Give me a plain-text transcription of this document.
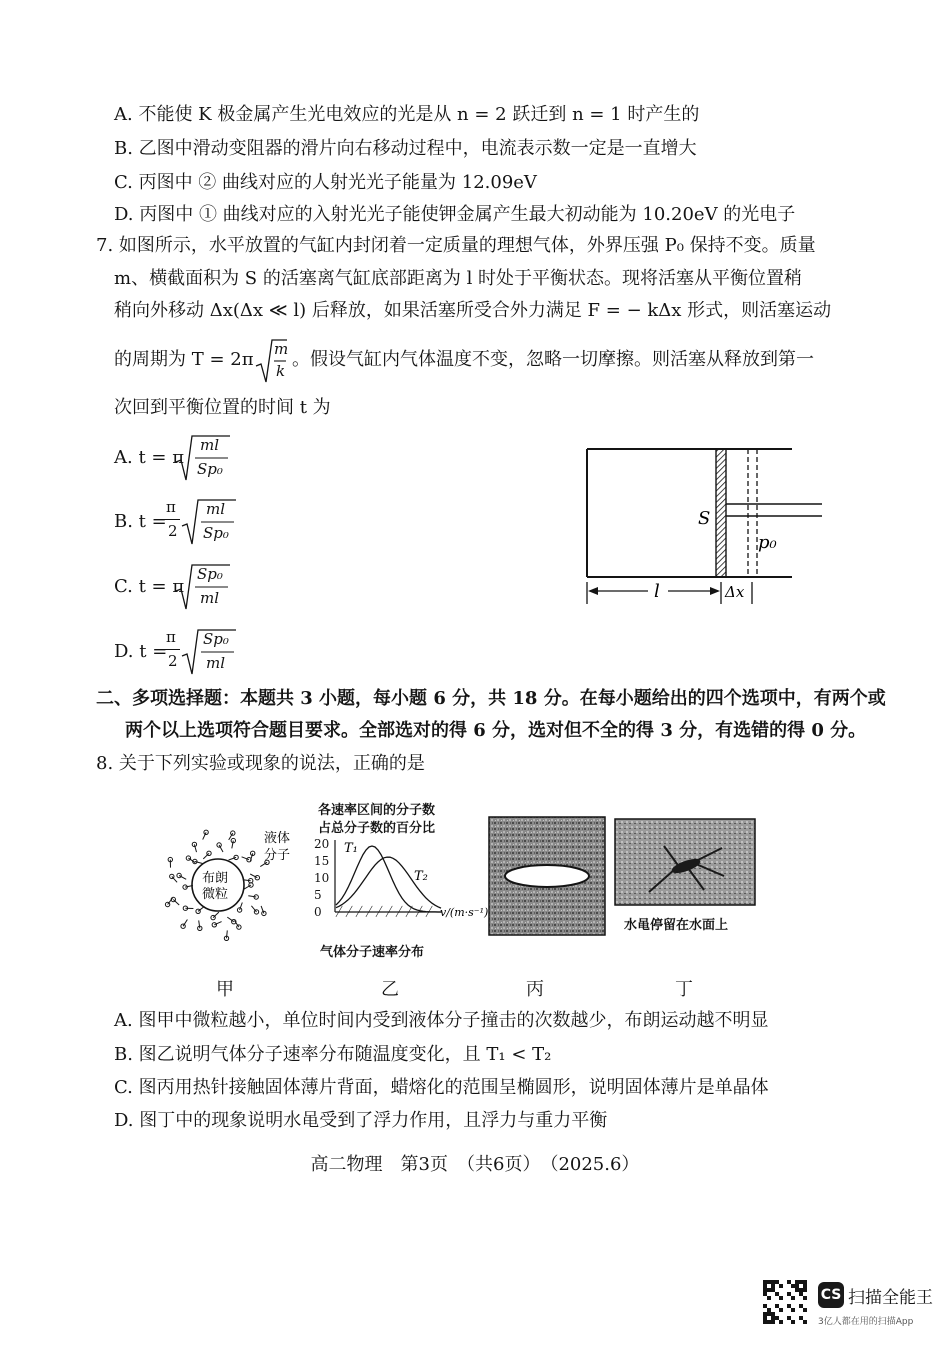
A. 不能使 K 极金属产生光电效应的光是从 n = 2 跃迁到 n = 1 时产生的
B. 乙图中滑动变阻器的滑片向右移动过程中，电流表示数一定是一直增大
C. 丙图中 ② 曲线对应的人射光光子能量为 12.09eV
D. 丙图中 ① 曲线对应的入射光光子能使钾金属产生最大初动能为 10.20eV 的光电子
7. 如图所示，水平放置的气缸内封闭着一定质量的理想气体，外界压强 P₀ 保持不变。质量
m、横截面积为 S 的活塞离气缸底部距离为 l 时处于平衡状态。现将活塞从平衡位置稍
稍向外移动 Δx(Δx ≪ l) 后释放，如果活塞所受合外力满足 F = − kΔx 形式，则活塞运动
的周期为 T = 2π m
k
。假设气缸内气体温度不变，忽略一切摩擦。则活塞从释放到第一
次回到平衡位置的时间 t 为
A. t = π
ml
Sp₀
B. t =
π
2
ml
Sp₀
C. t = π
Sp₀
ml
D. t =
π
2
Sp₀
ml
S
p₀
l	Δx
二、多项选择题：本题共 3 小题，每小题 6 分，共 18 分。在每小题给出的四个选项中，有两个或
两个以上选项符合题目要求。全部选对的得 6 分，选对但不全的得 3 分，有选错的得 0 分。
8. 关于下列实验或现象的说法，正确的是
布朗
微粒
液体
分子
各速率区间的分子数
占总分子数的百分比
20
15
10
5
0
T₁
T₂
───
───
───
───
───
───
───
───
───
─── v/(m·s⁻¹)
气体分子速率分布
水黾停留在水面上
甲	乙	丙	丁
A. 图甲中微粒越小，单位时间内受到液体分子撞击的次数越少，布朗运动越不明显
B. 图乙说明气体分子速率分布随温度变化，且 T₁ < T₂
C. 图丙用热针接触固体薄片背面，蜡熔化的范围呈椭圆形，说明固体薄片是单晶体
D. 图丁中的现象说明水黾受到了浮力作用，且浮力与重力平衡
高二物理　第3页　（共6页）　（2025.6）
CS 扫描全能王
3亿人都在用的扫描App
